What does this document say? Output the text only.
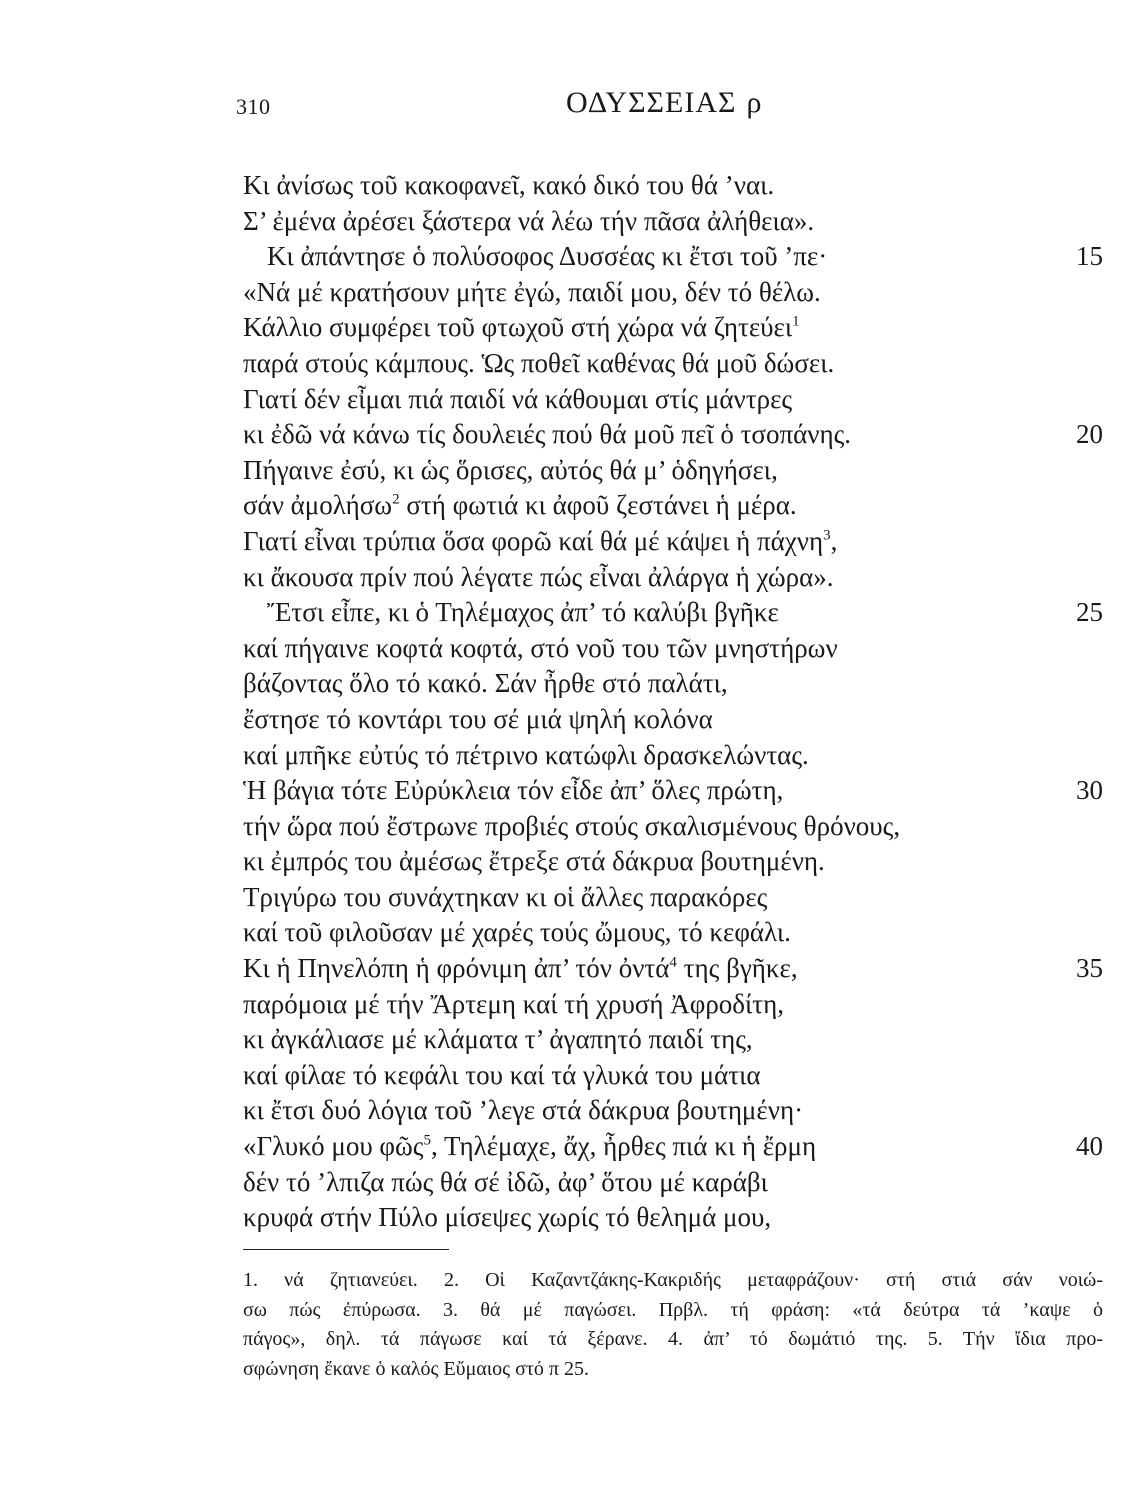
310	ΟΔΥΣΣΕΙΑΣ ρ
Κι ἀνίσως τοῦ κακοφανεῖ, κακό δικό του θά ’ναι.
Σ’ ἐμένα ἀρέσει ξάστερα νά λέω τήν πᾶσα ἀλήθεια».
Κι ἀπάντησε ὁ πολύσοφος Δυσσέας κι ἔτσι τοῦ ’πε·	15
«Νά μέ κρατήσουν μήτε ἐγώ, παιδί μου, δέν τό θέλω.
Κάλλιο συμφέρει τοῦ φτωχοῦ στή χώρα νά ζητεύει$^1$
παρά στούς κάμπους. Ὡς ποθεῖ καθένας θά μοῦ δώσει.
Γιατί δέν εἶμαι πιά παιδί νά κάθουμαι στίς μάντρες
κι ἐδῶ νά κάνω τίς δουλειές πού θά μοῦ πεῖ ὁ τσοπάνης.	20
Πήγαινε ἐσύ, κι ὡς ὅρισες, αὐτός θά μ’ ὁδηγήσει,
σάν ἀμολήσω$^2$ στή φωτιά κι ἀφοῦ ζεστάνει ἡ μέρα.
Γιατί εἶναι τρύπια ὅσα φορῶ καί θά μέ κάψει ἡ πάχνη$^3$,
κι ἄκουσα πρίν πού λέγατε πώς εἶναι ἀλάργα ἡ χώρα».
Ἔτσι εἶπε, κι ὁ Τηλέμαχος ἀπ’ τό καλύβι βγῆκε	25
καί πήγαινε κοφτά κοφτά, στό νοῦ του τῶν μνηστήρων
βάζοντας ὅλο τό κακό. Σάν ἦρθε στό παλάτι,
ἔστησε τό κοντάρι του σέ μιά ψηλή κολόνα
καί μπῆκε εὐτύς τό πέτρινο κατώφλι δρασκελώντας.
Ἡ βάγια τότε Εὐρύκλεια τόν εἶδε ἀπ’ ὅλες πρώτη,	30
τήν ὥρα πού ἔστρωνε προβιές στούς σκαλισμένους θρόνους,
κι ἐμπρός του ἀμέσως ἔτρεξε στά δάκρυα βουτημένη.
Τριγύρω του συνάχτηκαν κι οἱ ἄλλες παρακόρες
καί τοῦ φιλοῦσαν μέ χαρές τούς ὤμους, τό κεφάλι.
Κι ἡ Πηνελόπη ἡ φρόνιμη ἀπ’ τόν ὀντά$^4$ της βγῆκε,	35
παρόμοια μέ τήν Ἄρτεμη καί τή χρυσή Ἀφροδίτη,
κι ἀγκάλιασε μέ κλάματα τ’ ἀγαπητό παιδί της,
καί φίλαε τό κεφάλι του καί τά γλυκά του μάτια
κι ἔτσι δυό λόγια τοῦ ’λεγε στά δάκρυα βουτημένη·
«Γλυκό μου φῶς$^5$, Τηλέμαχε, ἄχ, ἦρθες πιά κι ἡ ἔρμη	40
δέν τό ’λπιζα πώς θά σέ ἰδῶ, ἀφ’ ὅτου μέ καράβι
κρυφά στήν Πύλο μίσεψες χωρίς τό θελημά μου,
1. νά ζητιανεύει. 2. Οἱ Καζαντζάκης-Κακριδής μεταφράζουν· στή στιά σάν νοιώ-
σω πώς ἐπύρωσα. 3. θά μέ παγώσει. Πρβλ. τή φράση: «τά δεύτρα τά ’καψε ὁ
πάγος», δηλ. τά πάγωσε καί τά ξέρανε. 4. ἀπ’ τό δωμάτιό της. 5. Τήν ἴδια προ-
σφώνηση ἔκανε ὁ καλός Εὔμαιος στό π 25.
